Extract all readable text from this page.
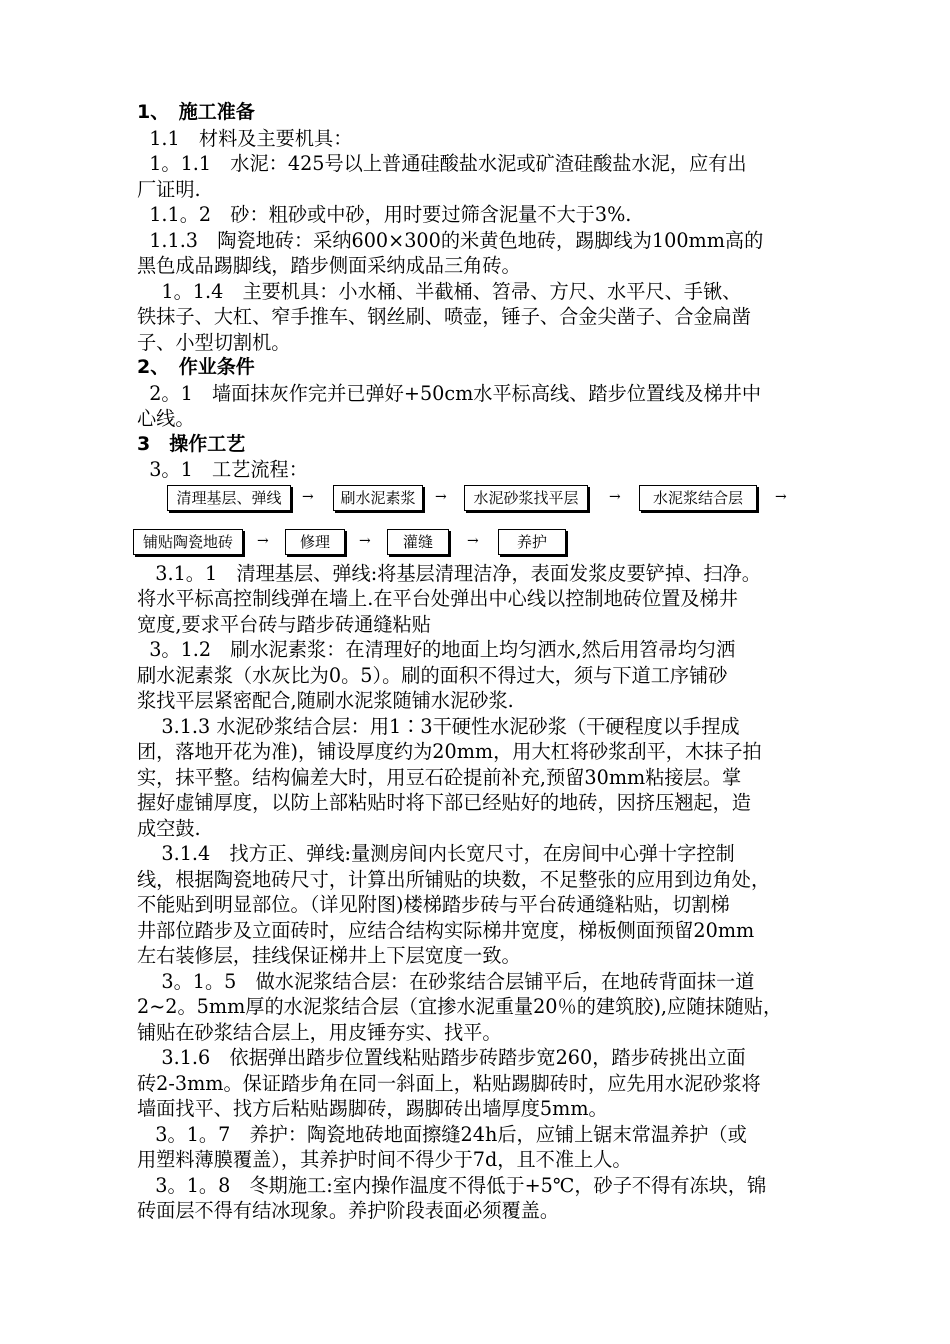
1、　施工准备
1.1　材料及主要机具：
1。1.1　水泥：425号以上普通硅酸盐水泥或矿渣硅酸盐水泥，应有出
厂证明.
1.1。2　砂：粗砂或中砂，用时要过筛含泥量不大于3%.
1.1.3　陶瓷地砖：采纳600×300的米黄色地砖，踢脚线为100mm高的
黑色成品踢脚线，踏步侧面采纳成品三角砖。
1。1.4　主要机具：小水桶、半截桶、笤帚、方尺、水平尺、手锹、
铁抹子、大杠、窄手推车、钢丝刷、喷壶，锤子、合金尖凿子、合金扁凿
子、小型切割机。
2、　作业条件
2。1　墙面抹灰作完并已弹好+50cm水平标高线、踏步位置线及梯井中
心线。
3　操作工艺
3。1　工艺流程：
清理基层、弹线	→	刷水泥素浆	→	水泥砂浆找平层	→	水泥浆结合层	→
铺贴陶瓷地砖	→	修理	→	灌缝	→	养护
3.1。1　清理基层、弹线:将基层清理洁净，表面发浆皮要铲掉、扫净。
将水平标高控制线弹在墙上.在平台处弹出中心线以控制地砖位置及梯井
宽度,要求平台砖与踏步砖通缝粘贴
3。1.2　刷水泥素浆：在清理好的地面上均匀洒水,然后用笤帚均匀洒
刷水泥素浆（水灰比为0。5）。刷的面积不得过大，须与下道工序铺砂
浆找平层紧密配合,随刷水泥浆随铺水泥砂浆.
3.1.3 水泥砂浆结合层：用1∶3干硬性水泥砂浆（干硬程度以手捏成
团，落地开花为准)，铺设厚度约为20mm，用大杠将砂浆刮平，木抹子拍
实，抹平整。结构偏差大时，用豆石砼提前补充,预留30mm粘接层。掌
握好虚铺厚度，以防上部粘贴时将下部已经贴好的地砖，因挤压翘起，造
成空鼓.
3.1.4　找方正、弹线:量测房间内长宽尺寸，在房间中心弹十字控制
线，根据陶瓷地砖尺寸，计算出所铺贴的块数，不足整张的应用到边角处，
不能贴到明显部位。（详见附图)楼梯踏步砖与平台砖通缝粘贴，切割梯
井部位踏步及立面砖时，应结合结构实际梯井宽度，梯板侧面预留20mm
左右装修层，挂线保证梯井上下层宽度一致。
3。1。5　做水泥浆结合层：在砂浆结合层铺平后，在地砖背面抹一道
2~2。5mm厚的水泥浆结合层（宜掺水泥重量20％的建筑胶),应随抹随贴，
铺贴在砂浆结合层上，用皮锤夯实、找平。
3.1.6　依据弹出踏步位置线粘贴踏步砖踏步宽260，踏步砖挑出立面
砖2-3mm。保证踏步角在同一斜面上，粘贴踢脚砖时，应先用水泥砂浆将
墙面找平、找方后粘贴踢脚砖，踢脚砖出墙厚度5mm。
3。1。7　养护：陶瓷地砖地面擦缝24h后，应铺上锯末常温养护（或
用塑料薄膜覆盖），其养护时间不得少于7d，且不准上人。
3。1。8　冬期施工:室内操作温度不得低于+5℃，砂子不得有冻块，锦
砖面层不得有结冰现象。养护阶段表面必须覆盖。
